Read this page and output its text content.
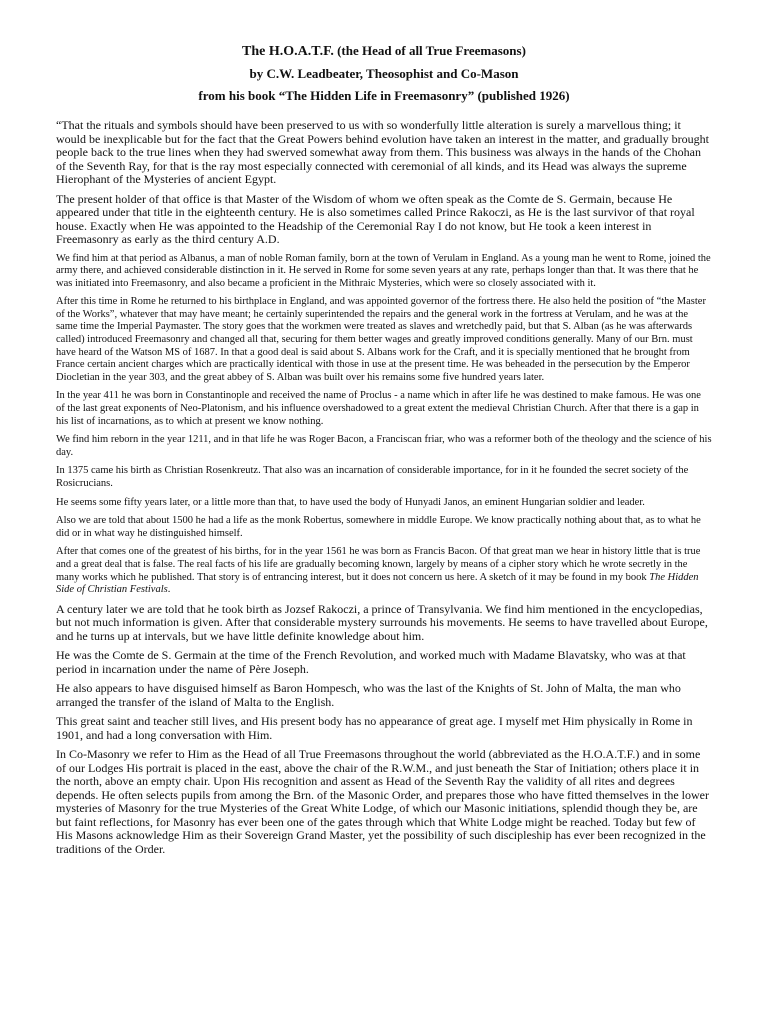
The H.O.A.T.F. (the Head of all True Freemasons)
by C.W. Leadbeater, Theosophist and Co-Mason
from his book “The Hidden Life in Freemasonry” (published 1926)

“That the rituals and symbols should have been preserved to us with so wonderfully little alteration is surely a marvellous thing; it would be inexplicable but for the fact that the Great Powers behind evolution have taken an interest in the matter, and gradually brought people back to the true lines when they had swerved somewhat away from them. This business was always in the hands of the Chohan of the Seventh Ray, for that is the ray most especially connected with ceremonial of all kinds, and its Head was always the supreme Hierophant of the Mysteries of ancient Egypt.

The present holder of that office is that Master of the Wisdom of whom we often speak as the Comte de S. Germain, because He appeared under that title in the eighteenth century. He is also sometimes called Prince Rakoczi, as He is the last survivor of that royal house. Exactly when He was appointed to the Headship of the Ceremonial Ray I do not know, but He took a keen interest in Freemasonry as early as the third century A.D.

We find him at that period as Albanus, a man of noble Roman family, born at the town of Verulam in England. As a young man he went to Rome, joined the army there, and achieved considerable distinction in it. He served in Rome for some seven years at any rate, perhaps longer than that. It was there that he was initiated into Freemasonry, and also became a proficient in the Mithraic Mysteries, which were so closely associated with it.

After this time in Rome he returned to his birthplace in England, and was appointed governor of the fortress there. He also held the position of “the Master of the Works”, whatever that may have meant; he certainly superintended the repairs and the general work in the fortress at Verulam, and he was at the same time the Imperial Paymaster. The story goes that the workmen were treated as slaves and wretchedly paid, but that S. Alban (as he was afterwards called) introduced Freemasonry and changed all that, securing for them better wages and greatly improved conditions generally. Many of our Brn. must have heard of the Watson MS of 1687. In that a good deal is said about S. Albans work for the Craft, and it is specially mentioned that he brought from France certain ancient charges which are practically identical with those in use at the present time. He was beheaded in the persecution by the Emperor Diocletian in the year 303, and the great abbey of S. Alban was built over his remains some five hundred years later.

In the year 411 he was born in Constantinople and received the name of Proclus - a name which in after life he was destined to make famous. He was one of the last great exponents of Neo-Platonism, and his influence overshadowed to a great extent the medieval Christian Church. After that there is a gap in his list of incarnations, as to which at present we know nothing.

We find him reborn in the year 1211, and in that life he was Roger Bacon, a Franciscan friar, who was a reformer both of the theology and the science of his day.

In 1375 came his birth as Christian Rosenkreutz. That also was an incarnation of considerable importance, for in it he founded the secret society of the Rosicrucians.

He seems some fifty years later, or a little more than that, to have used the body of Hunyadi Janos, an eminent Hungarian soldier and leader.

Also we are told that about 1500 he had a life as the monk Robertus, somewhere in middle Europe. We know practically nothing about that, as to what he did or in what way he distinguished himself.

After that comes one of the greatest of his births, for in the year 1561 he was born as Francis Bacon. Of that great man we hear in history little that is true and a great deal that is false. The real facts of his life are gradually becoming known, largely by means of a cipher story which he wrote secretly in the many works which he published. That story is of entrancing interest, but it does not concern us here. A sketch of it may be found in my book The Hidden Side of Christian Festivals.

A century later we are told that he took birth as Jozsef Rakoczi, a prince of Transylvania. We find him mentioned in the encyclopedias, but not much information is given. After that considerable mystery surrounds his movements. He seems to have travelled about Europe, and he turns up at intervals, but we have little definite knowledge about him.

He was the Comte de S. Germain at the time of the French Revolution, and worked much with Madame Blavatsky, who was at that period in incarnation under the name of Père Joseph.

He also appears to have disguised himself as Baron Hompesch, who was the last of the Knights of St. John of Malta, the man who arranged the transfer of the island of Malta to the English.

This great saint and teacher still lives, and His present body has no appearance of great age. I myself met Him physically in Rome in 1901, and had a long conversation with Him.

In Co-Masonry we refer to Him as the Head of all True Freemasons throughout the world (abbreviated as the H.O.A.T.F.) and in some of our Lodges His portrait is placed in the east, above the chair of the R.W.M., and just beneath the Star of Initiation; others place it in the north, above an empty chair. Upon His recognition and assent as Head of the Seventh Ray the validity of all rites and degrees depends. He often selects pupils from among the Brn. of the Masonic Order, and prepares those who have fitted themselves in the lower mysteries of Masonry for the true Mysteries of the Great White Lodge, of which our Masonic initiations, splendid though they be, are but faint reflections, for Masonry has ever been one of the gates through which that White Lodge might be reached. Today but few of His Masons acknowledge Him as their Sovereign Grand Master, yet the possibility of such discipleship has ever been recognized in the traditions of the Order.
